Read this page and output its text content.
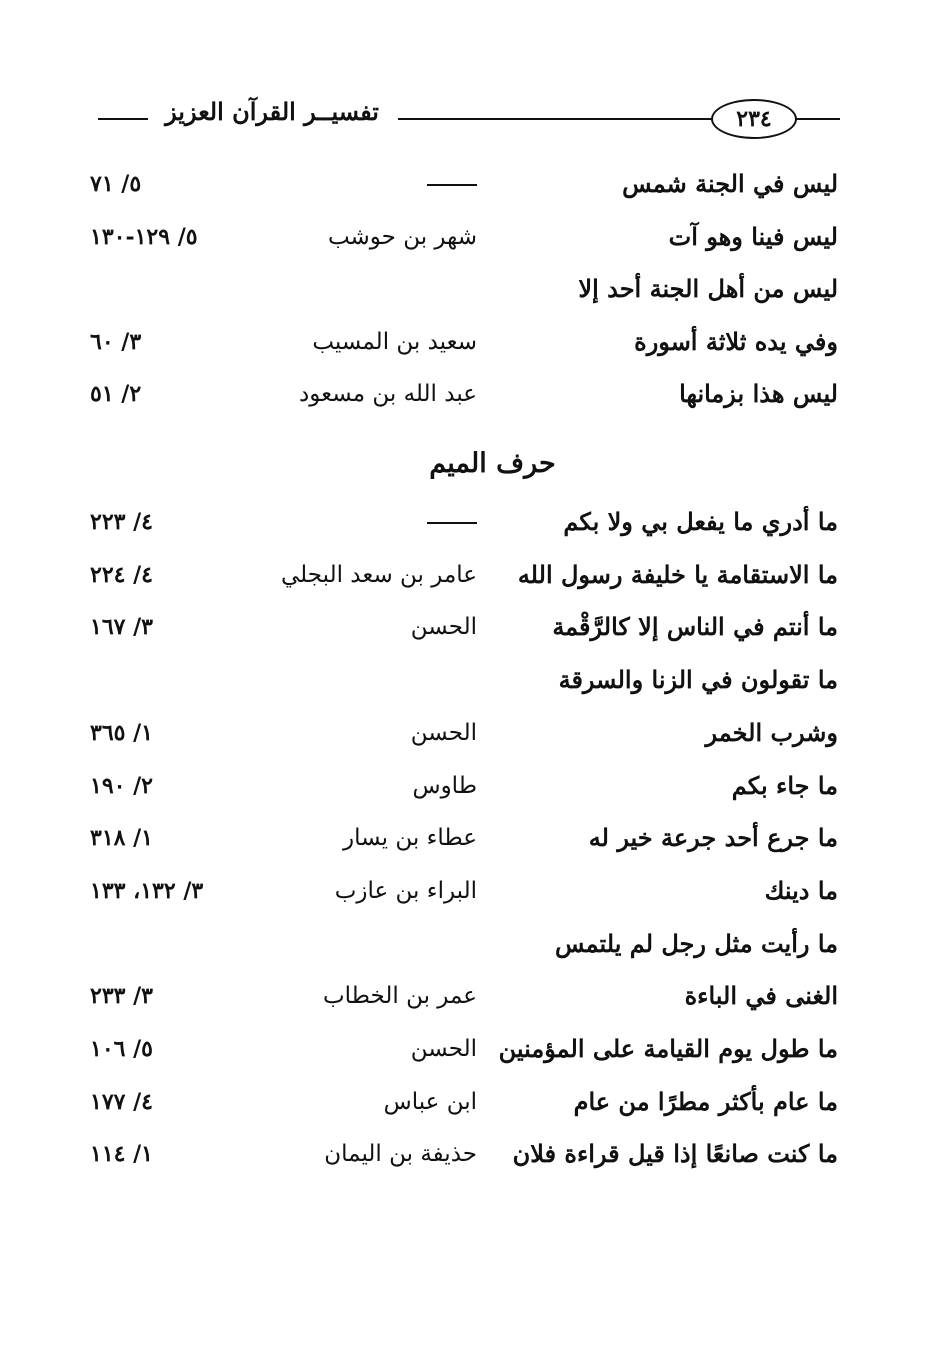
تفسيــر القرآن العزيز	٢٣٤
ليس في الجنة شمس
٥/ ٧١
ليس فينا وهو آت
شهر بن حوشب
٥/ ١٢٩-١٣٠
ليس من أهل الجنة أحد إلا
وفي يده ثلاثة أسورة
سعيد بن المسيب
٣/ ٦٠
ليس هذا بزمانها
عبد الله بن مسعود
٢/ ٥١
حرف الميم
ما أدري ما يفعل بي ولا بكم
٤/ ٢٢٣
ما الاستقامة يا خليفة رسول الله
عامر بن سعد البجلي
٤/ ٢٢٤
ما أنتم في الناس إلا كالرَّقْمة
الحسن
٣/ ١٦٧
ما تقولون في الزنا والسرقة
وشرب الخمر
الحسن
١/ ٣٦٥
ما جاء بكم
طاوس
٢/ ١٩٠
ما جرع أحد جرعة خير له
عطاء بن يسار
١/ ٣١٨
ما دينك
البراء بن عازب
٣/ ١٣٢، ١٣٣
ما رأيت مثل رجل لم يلتمس
الغنى في الباءة
عمر بن الخطاب
٣/ ٢٣٣
ما طول يوم القيامة على المؤمنين
الحسن
٥/ ١٠٦
ما عام بأكثر مطرًا من عام
ابن عباس
٤/ ١٧٧
ما كنت صانعًا إذا قيل قراءة فلان
حذيفة بن اليمان
١/ ١١٤
